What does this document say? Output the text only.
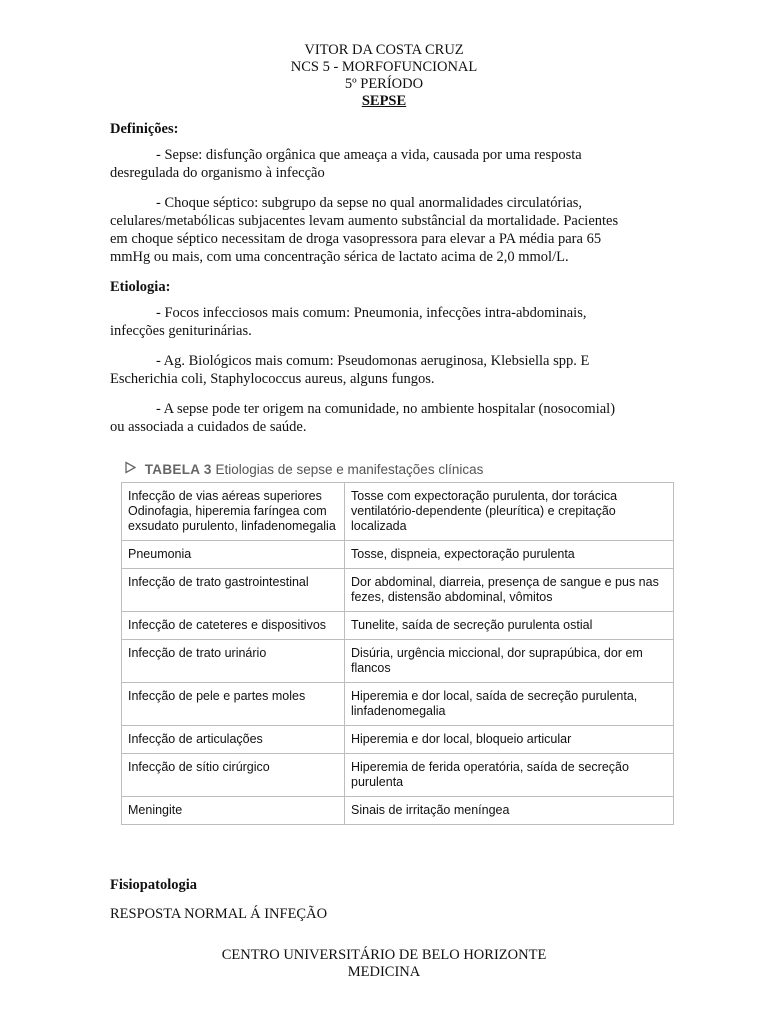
VITOR DA COSTA CRUZ
NCS 5 - MORFOFUNCIONAL
5º PERÍODO
SEPSE

Definições:

- Sepse: disfunção orgânica que ameaça a vida, causada por uma resposta desregulada do organismo à infecção

- Choque séptico: subgrupo da sepse no qual anormalidades circulatórias, celulares/metabólicas subjacentes levam aumento substâncial da mortalidade. Pacientes em choque séptico necessitam de droga vasopressora para elevar a PA média para 65 mmHg ou mais, com uma concentração sérica de lactato acima de 2,0 mmol/L.

Etiologia:

- Focos infecciosos mais comum: Pneumonia, infecções intra-abdominais, infecções geniturinárias.

- Ag. Biológicos mais comum: Pseudomonas aeruginosa, Klebsiella spp. E Escherichia coli, Staphylococcus aureus, alguns fungos.

- A sepse pode ter origem na comunidade, no ambiente hospitalar (nosocomial) ou associada a cuidados de saúde.

TABELA 3 Etiologias de sepse e manifestações clínicas
Infecção de vias aéreas superiores
Odinofagia, hiperemia faríngea com exsudato purulento, linfadenomegalia	Tosse com expectoração purulenta, dor torácica ventilatório-dependente (pleurítica) e crepitação localizada
Pneumonia	Tosse, dispneia, expectoração purulenta
Infecção de trato gastrointestinal	Dor abdominal, diarreia, presença de sangue e pus nas fezes, distensão abdominal, vômitos
Infecção de cateteres e dispositivos	Tunelite, saída de secreção purulenta ostial
Infecção de trato urinário	Disúria, urgência miccional, dor suprapúbica, dor em flancos
Infecção de pele e partes moles	Hiperemia e dor local, saída de secreção purulenta, linfadenomegalia
Infecção de articulações	Hiperemia e dor local, bloqueio articular
Infecção de sítio cirúrgico	Hiperemia de ferida operatória, saída de secreção purulenta
Meningite	Sinais de irritação meníngea
Fisiopatologia
RESPOSTA NORMAL Á INFEÇÃO
CENTRO UNIVERSITÁRIO DE BELO HORIZONTE
MEDICINA
